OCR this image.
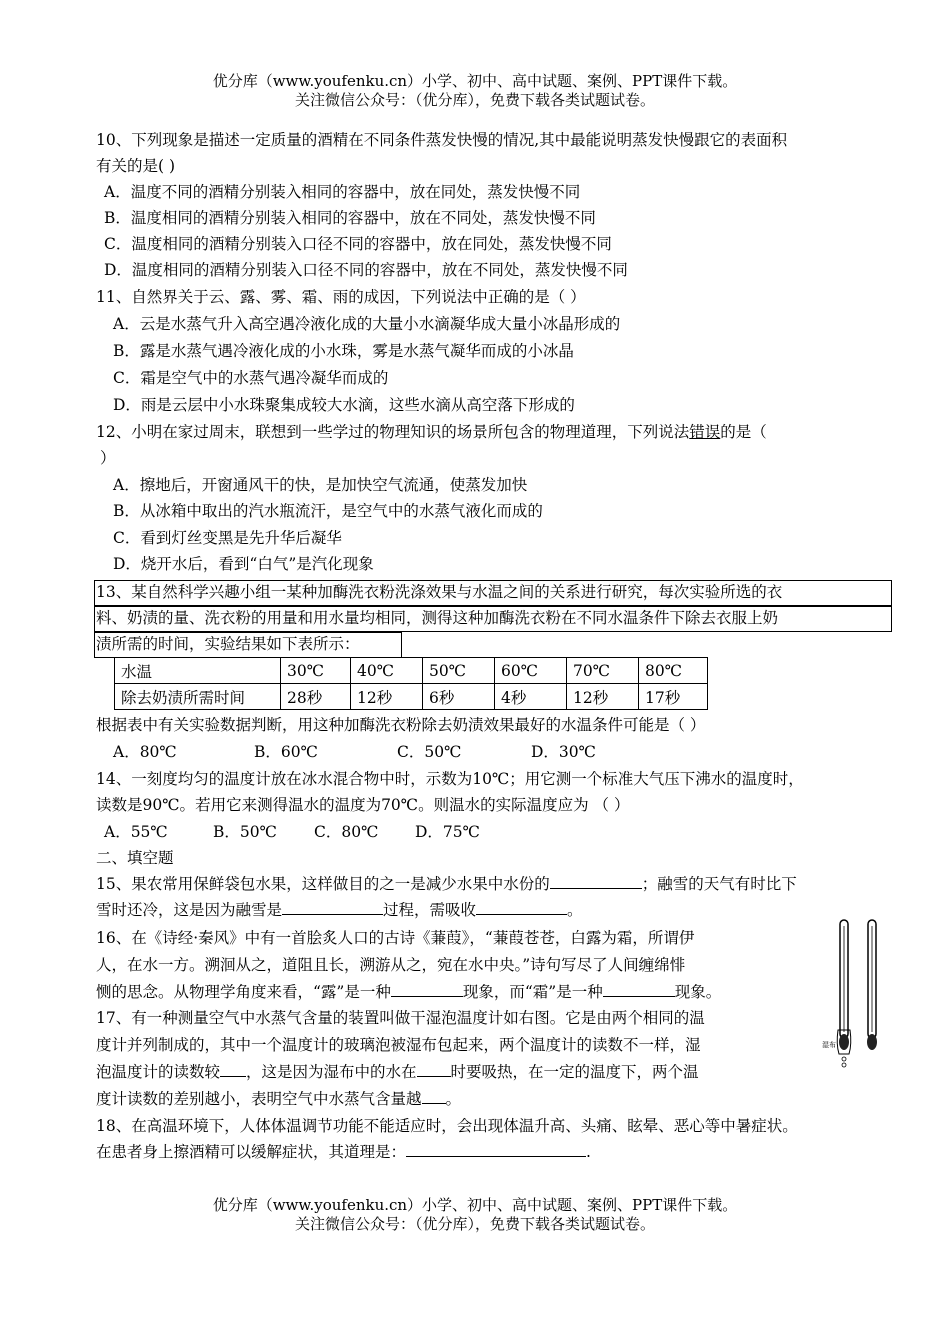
优分库（www.youfenku.cn）小学、初中、高中试题、案例、PPT课件下载。
关注微信公众号：（优分库），免费下载各类试题试卷。
10、下列现象是描述一定质量的酒精在不同条件蒸发快慢的情况,其中最能说明蒸发快慢跟它的表面积
有关的是( )
A．温度不同的酒精分别装入相同的容器中，放在同处，蒸发快慢不同
B．温度相同的酒精分别装入相同的容器中，放在不同处，蒸发快慢不同
C．温度相同的酒精分别装入口径不同的容器中，放在同处，蒸发快慢不同
D．温度相同的酒精分别装入口径不同的容器中，放在不同处，蒸发快慢不同
11、自然界关于云、露、雾、霜、雨的成因，下列说法中正确的是（ ）
A．云是水蒸气升入高空遇冷液化成的大量小水滴凝华成大量小冰晶形成的
B．露是水蒸气遇冷液化成的小水珠，雾是水蒸气凝华而成的小冰晶
C．霜是空气中的水蒸气遇冷凝华而成的
D．雨是云层中小水珠聚集成较大水滴，这些水滴从高空落下形成的
12、小明在家过周末，联想到一些学过的物理知识的场景所包含的物理道理，下列说法错误的是（
）
A．擦地后，开窗通风干的快，是加快空气流通，使蒸发加快
B．从冰箱中取出的汽水瓶流汗，是空气中的水蒸气液化而成的
C．看到灯丝变黑是先升华后凝华
D．烧开水后，看到“白气”是汽化现象
13、某自然科学兴趣小组一某种加酶洗衣粉洗涤效果与水温之间的关系进行研究，每次实验所选的衣
料、奶渍的量、洗衣粉的用量和用水量均相同，测得这种加酶洗衣粉在不同水温条件下除去衣服上奶
渍所需的时间，实验结果如下表所示：
水温	30℃	40℃	50℃	60℃	70℃	80℃
除去奶渍所需时间	28秒	12秒	6秒	4秒	12秒	17秒
根据表中有关实验数据判断，用这种加酶洗衣粉除去奶渍效果最好的水温条件可能是（ ）
A．80℃	B．60℃	C．50℃	D．30℃
14、一刻度均匀的温度计放在冰水混合物中时，示数为10℃；用它测一个标准大气压下沸水的温度时，
读数是90℃。若用它来测得温水的温度为70℃。则温水的实际温度应为 （ ）
A．55℃	B．50℃ C．80℃ D．75℃
二、填空题
15、果农常用保鲜袋包水果，这样做目的之一是减少水果中水份的	；融雪的天气有时比下
雪时还冷，这是因为融雪是	过程，需吸收	。
16、在《诗经·秦风》中有一首脍炙人口的古诗《蒹葭》，“蒹葭苍苍，白露为霜，所谓伊
人，在水一方。溯洄从之，道阻且长，溯游从之，宛在水中央。”诗句写尽了人间缠绵悱
恻的思念。从物理学角度来看，“露”是一种	现象，而“霜”是一种	现象。
17、有一种测量空气中水蒸气含量的装置叫做干湿泡温度计如右图。它是由两个相同的温
度计并列制成的，其中一个温度计的玻璃泡被湿布包起来，两个温度计的读数不一样，湿
泡温度计的读数较 ，这是因为湿布中的水在 时要吸热，在一定的温度下，两个温
度计读数的差别越小，表明空气中水蒸气含量越 。
湿布
18、在高温环境下，人体体温调节功能不能适应时，会出现体温升高、头痛、眩晕、恶心等中暑症状。
在患者身上擦酒精可以缓解症状，其道理是：	.
优分库（www.youfenku.cn）小学、初中、高中试题、案例、PPT课件下载。
关注微信公众号：（优分库），免费下载各类试题试卷。
